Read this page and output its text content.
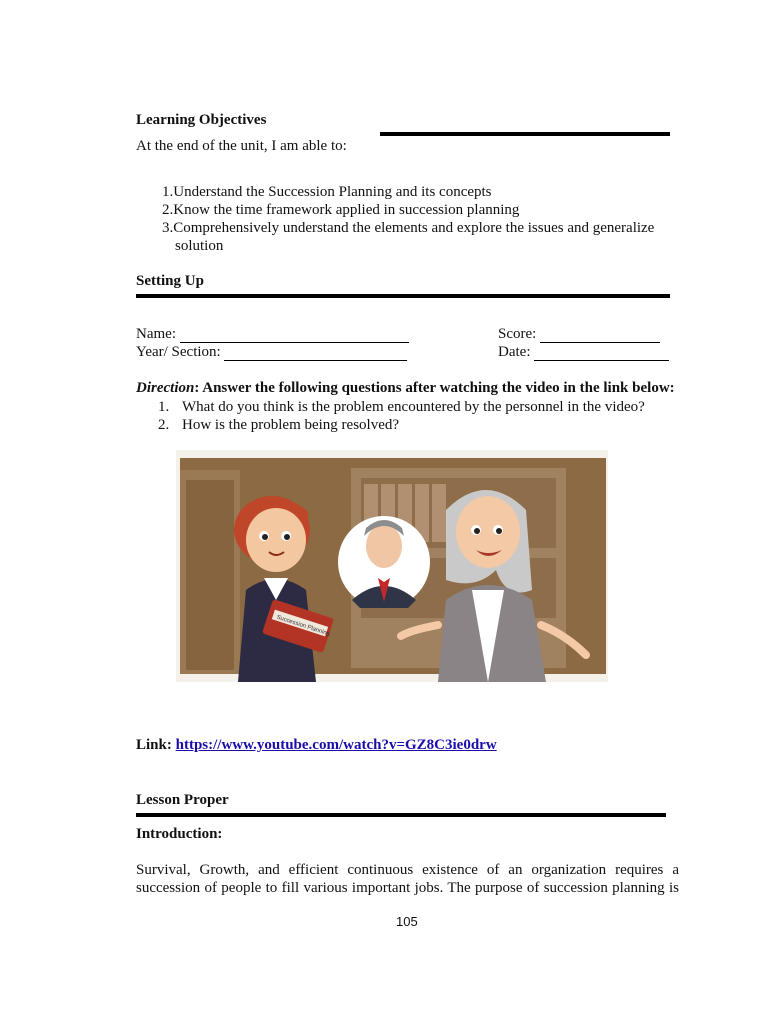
Learning Objectives
At the end of the unit, I am able to:
1.Understand the Succession Planning and its concepts
2.Know the time framework applied in succession planning
3.Comprehensively understand the elements and explore the issues and generalize
solution
Setting Up
Name:
Year/ Section:
Score:
Date:
Direction: Answer the following questions after watching the video in the link below:
1. What do you think is the problem encountered by the personnel in the video?
2. How is the problem being resolved?
Succession Planning
Link: https://www.youtube.com/watch?v=GZ8C3ie0drw
Lesson Proper
Introduction:
Survival, Growth, and efficient continuous existence of an organization requires a
succession of people to fill various important jobs. The purpose of succession planning is
105
